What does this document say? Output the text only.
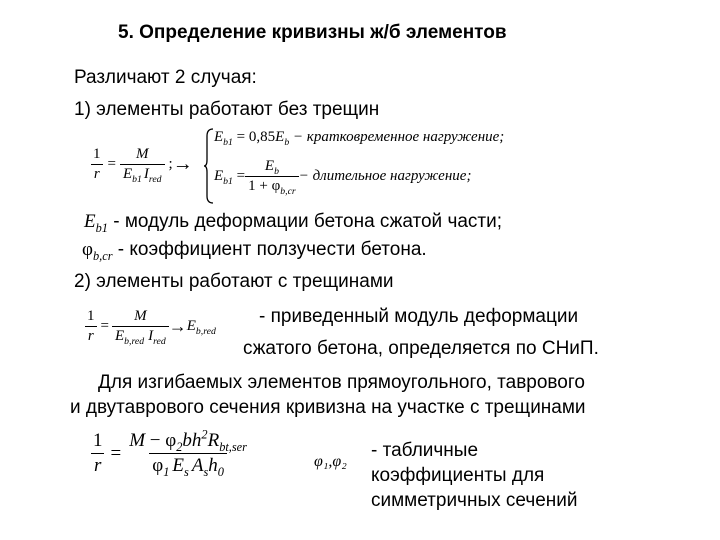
5. Определение кривизны ж/б элементов
Различают 2 случая:
1) элементы работают без трещин
$\frac{1}{r} = \frac{M}{E_{b1} I_{red}}$ ; →
$E_{b1} = 0,85E_b$ − кратковременное нагружение;
$E_{b1} = \frac{E_b}{1 + \varphi_{b,cr}}$ − длительное нагружение;
$E_{b1}$ - модуль деформации бетона сжатой части;
$\varphi_{b,cr}$ - коэффициент ползучести бетона.
2) элементы работают с трещинами
$\frac{1}{r} = \frac{M}{E_{b,red} I_{red}} \to E_{b,red}$
- приведенный модуль деформации
сжатого бетона, определяется по СНиП.
Для изгибаемых элементов прямоугольного, таврового
и двутаврового сечения кривизна на участке с трещинами
$\frac{1}{r} = \frac{M - \varphi_2bh^2R_{bt,ser}}{\varphi_1 E_s A_sh_0}$	φ₁,φ₂
- табличные
коэффициенты для
симметричных сечений
